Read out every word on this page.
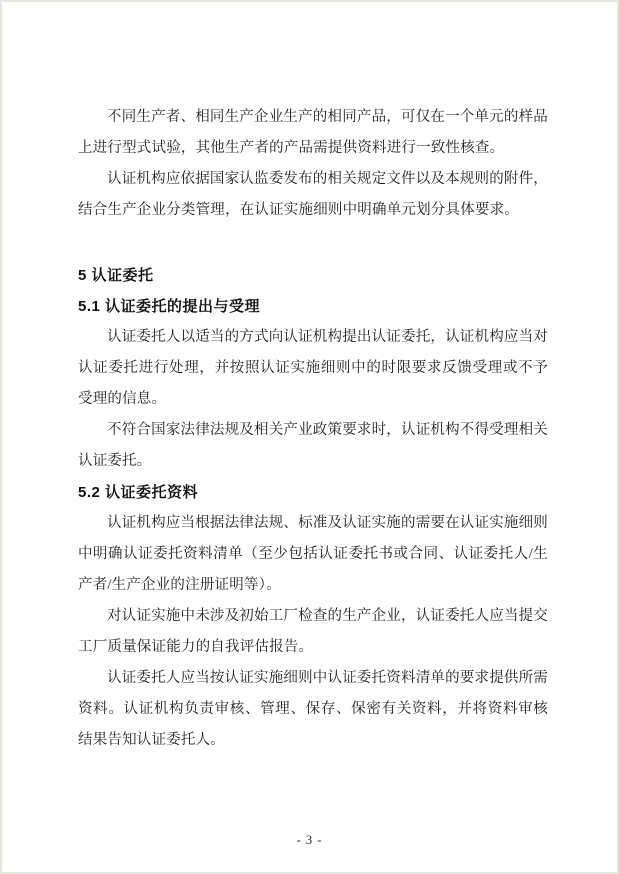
不同生产者、相同生产企业生产的相同产品，可仅在一个单元的样品上进行型式试验，其他生产者的产品需提供资料进行一致性核查。

认证机构应依据国家认监委发布的相关规定文件以及本规则的附件，结合生产企业分类管理，在认证实施细则中明确单元划分具体要求。

5 认证委托
5.1 认证委托的提出与受理

认证委托人以适当的方式向认证机构提出认证委托，认证机构应当对认证委托进行处理，并按照认证实施细则中的时限要求反馈受理或不予受理的信息。

不符合国家法律法规及相关产业政策要求时，认证机构不得受理相关认证委托。

5.2 认证委托资料

认证机构应当根据法律法规、标准及认证实施的需要在认证实施细则中明确认证委托资料清单（至少包括认证委托书或合同、认证委托人/生产者/生产企业的注册证明等）。

对认证实施中未涉及初始工厂检查的生产企业，认证委托人应当提交工厂质量保证能力的自我评估报告。

认证委托人应当按认证实施细则中认证委托资料清单的要求提供所需资料。认证机构负责审核、管理、保存、保密有关资料，并将资料审核结果告知认证委托人。

- 3 -
